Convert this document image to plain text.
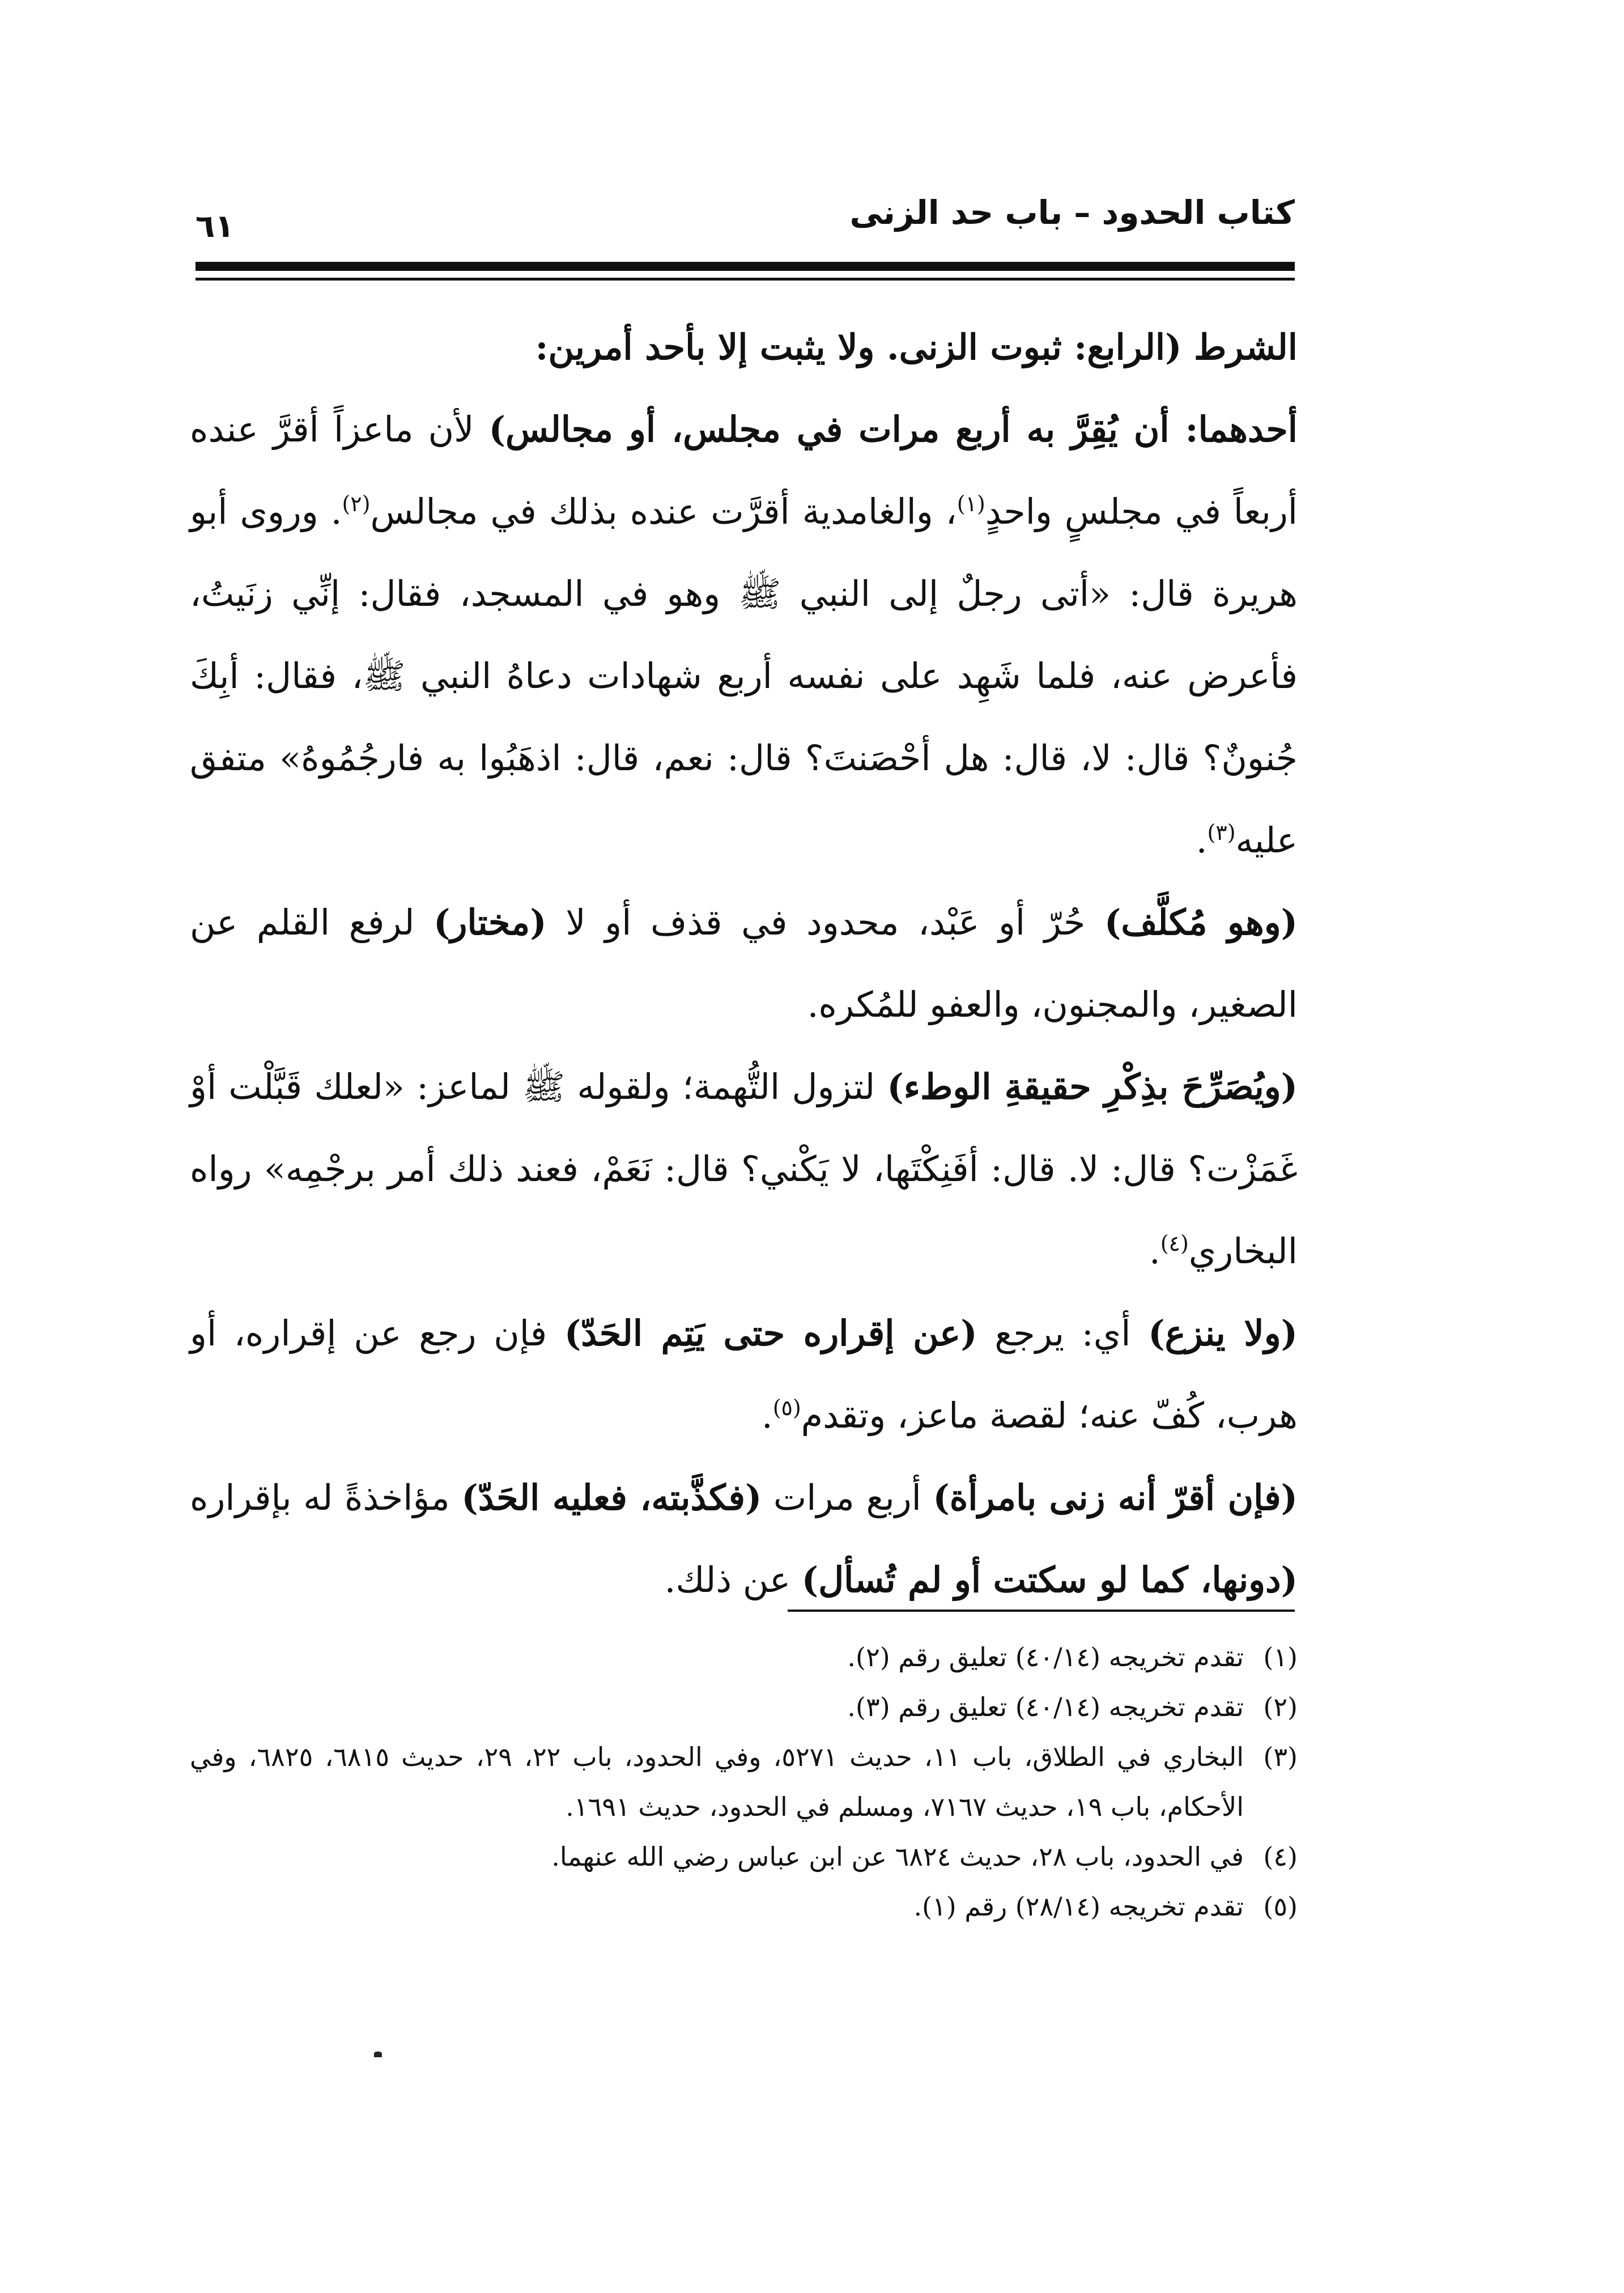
كتاب الحدود – باب حد الزنى
٦١

الشرط (الرابع: ثبوت الزنى. ولا يثبت إلا بأحد أمرين:

أحدهما: أن يُقِرَّ به أربع مرات في مجلس، أو مجالس) لأن ماعزاً أقرَّ عنده أربعاً في مجلسٍ واحدٍ$^{(١)}$، والغامدية أقرَّت عنده بذلك في مجالس$^{(٢)}$. وروى أبو هريرة قال: «أتى رجلٌ إلى النبي ﷺ وهو في المسجد، فقال: إنِّي زنَيتُ، فأعرض عنه، فلما شَهِد على نفسه أربع شهادات دعاهُ النبي ﷺ، فقال: أبِكَ جُنونٌ؟ قال: لا، قال: هل أحْصَنتَ؟ قال: نعم، قال: اذهَبُوا به فارجُمُوهُ» متفق عليه$^{(٣)}$.

(وهو مُكلَّف) حُرّ أو عَبْد، محدود في قذف أو لا (مختار) لرفع القلم عن الصغير، والمجنون، والعفو للمُكره.

(ويُصَرِّحَ بذِكْرِ حقيقةِ الوطء) لتزول التُّهمة؛ ولقوله ﷺ لماعز: «لعلك قَبَّلْت أوْ غَمَزْت؟ قال: لا. قال: أفَنِكْتَها، لا يَكْني؟ قال: نَعَمْ، فعند ذلك أمر برجْمِه» رواه البخاري$^{(٤)}$.

(ولا ينزع) أي: يرجع (عن إقراره حتى يَتِم الحَدّ) فإن رجع عن إقراره، أو هرب، كُفّ عنه؛ لقصة ماعز، وتقدم$^{(٥)}$.

(فإن أقرّ أنه زنى بامرأة) أربع مرات (فكذَّبته، فعليه الحَدّ) مؤاخذةً له بإقراره (دونها، كما لو سكتت أو لم تُسأل) عن ذلك.

(١)تقدم تخريجه (٤٠/١٤) تعليق رقم (٢).

(٢)تقدم تخريجه (٤٠/١٤) تعليق رقم (٣).

(٣)البخاري في الطلاق، باب ١١، حديث ٥٢٧١، وفي الحدود، باب ٢٢، ٢٩، حديث ٦٨١٥، ٦٨٢٥، وفي الأحكام، باب ١٩، حديث ٧١٦٧، ومسلم في الحدود، حديث ١٦٩١.

(٤)في الحدود، باب ٢٨، حديث ٦٨٢٤ عن ابن عباس رضي الله عنهما.

(٥)تقدم تخريجه (٢٨/١٤) رقم (١).
